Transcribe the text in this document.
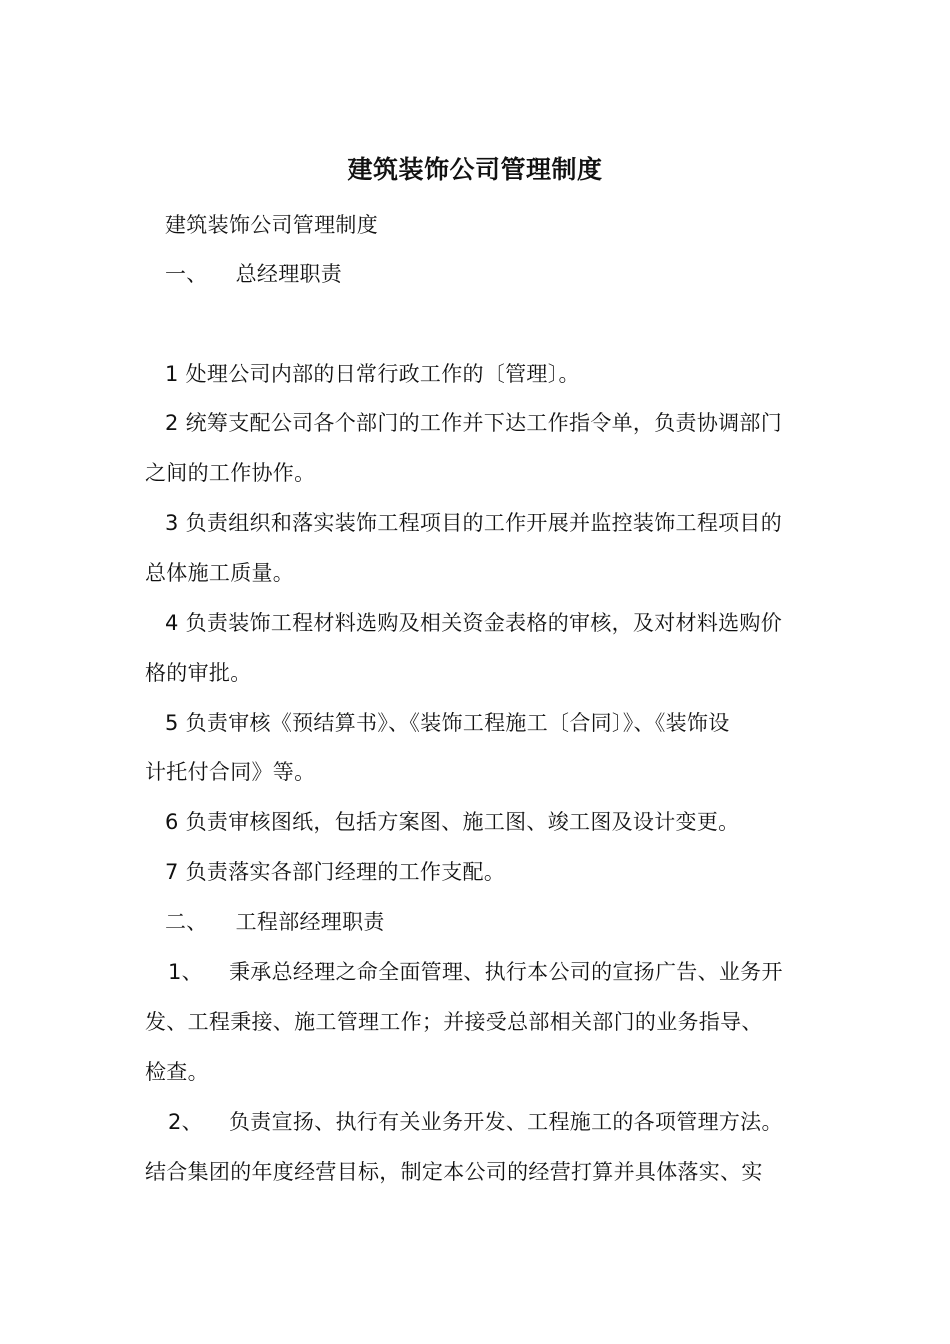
建筑装饰公司管理制度
建筑装饰公司管理制度
一、 总经理职责
1 处理公司内部的日常行政工作的〔管理〕。
2 统筹支配公司各个部门的工作并下达工作指令单，负责协调部门
之间的工作协作。
3 负责组织和落实装饰工程项目的工作开展并监控装饰工程项目的
总体施工质量。
4 负责装饰工程材料选购及相关资金表格的审核，及对材料选购价
格的审批。
5 负责审核《预结算书》、《装饰工程施工〔合同〕》、《装饰设
计托付合同》等。
6 负责审核图纸，包括方案图、施工图、竣工图及设计变更。
7 负责落实各部门经理的工作支配。
二、 工程部经理职责
1、 秉承总经理之命全面管理、执行本公司的宣扬广告、业务开
发、工程秉接、施工管理工作；并接受总部相关部门的业务指导、
检查。
2、 负责宣扬、执行有关业务开发、工程施工的各项管理方法。
结合集团的年度经营目标，制定本公司的经营打算并具体落实、实
